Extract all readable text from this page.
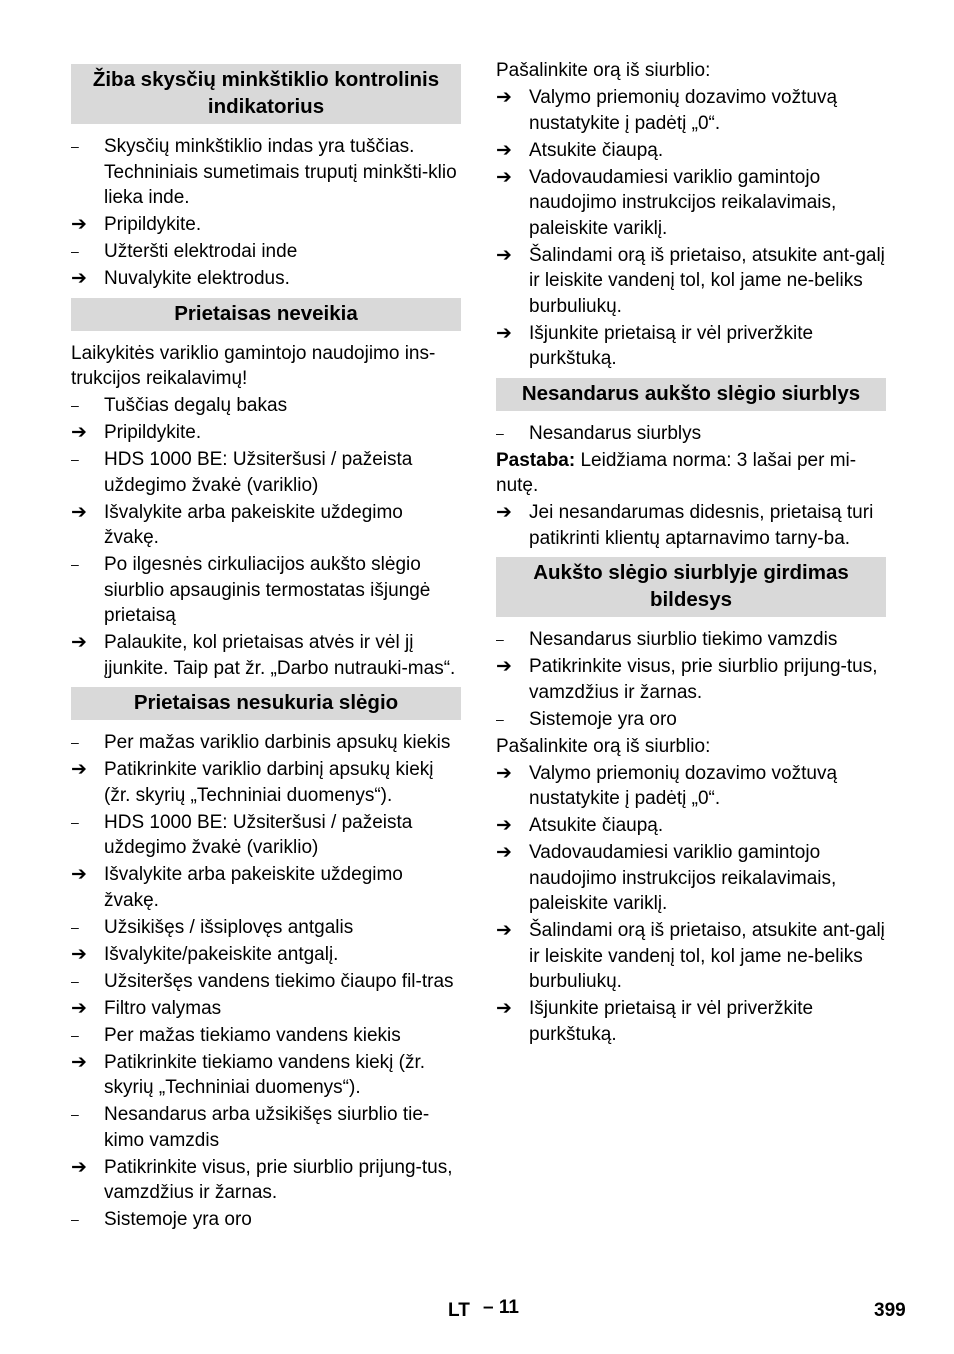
Žiba skysčių minkštiklio kontrolinis indikatorius
– Skysčių minkštiklio indas yra tuščias. Techniniais sumetimais truputį minkšti-klio lieka inde.
➔ Pripildykite.
– Užteršti elektrodai inde
➔ Nuvalykite elektrodus.
Prietaisas neveikia
Laikykitės variklio gamintojo naudojimo ins-trukcijos reikalavimų!
– Tuščias degalų bakas
➔ Pripildykite.
– HDS 1000 BE: Užsiteršusi / pažeista uždegimo žvakė (variklio)
➔ Išvalykite arba pakeiskite uždegimo žvakę.
– Po ilgesnės cirkuliacijos aukšto slėgio siurblio apsauginis termostatas išjungė prietaisą
➔ Palaukite, kol prietaisas atvės ir vėl jį įjunkite. Taip pat žr. „Darbo nutrauki-mas“.
Prietaisas nesukuria slėgio
– Per mažas variklio darbinis apsukų kiekis
➔ Patikrinkite variklio darbinį apsukų kiekį (žr. skyrių „Techniniai duomenys“).
– HDS 1000 BE: Užsiteršusi / pažeista uždegimo žvakė (variklio)
➔ Išvalykite arba pakeiskite uždegimo žvakę.
– Užsikišęs / išsiplovęs antgalis
➔ Išvalykite/pakeiskite antgalį.
– Užsiteršęs vandens tiekimo čiaupo fil-tras
➔ Filtro valymas
– Per mažas tiekiamo vandens kiekis
➔ Patikrinkite tiekiamo vandens kiekį (žr. skyrių „Techniniai duomenys“).
– Nesandarus arba užsikišęs siurblio tie-kimo vamzdis
➔ Patikrinkite visus, prie siurblio prijung-tus, vamzdžius ir žarnas.
– Sistemoje yra oro
Pašalinkite orą iš siurblio:
➔ Valymo priemonių dozavimo vožtuvą nustatykite į padėtį „0“.
➔ Atsukite čiaupą.
➔ Vadovaudamiesi variklio gamintojo naudojimo instrukcijos reikalavimais, paleiskite variklį.
➔ Šalindami orą iš prietaiso, atsukite ant-galį ir leiskite vandenį tol, kol jame ne-beliks burbuliukų.
➔ Išjunkite prietaisą ir vėl priveržkite purkštuką.
Nesandarus aukšto slėgio siurblys
– Nesandarus siurblys
Pastaba: Leidžiama norma: 3 lašai per mi-nutę.
➔ Jei nesandarumas didesnis, prietaisą turi patikrinti klientų aptarnavimo tarny-ba.
Aukšto slėgio siurblyje girdimas bildesys
– Nesandarus siurblio tiekimo vamzdis
➔ Patikrinkite visus, prie siurblio prijung-tus, vamzdžius ir žarnas.
– Sistemoje yra oro
Pašalinkite orą iš siurblio:
➔ Valymo priemonių dozavimo vožtuvą nustatykite į padėtį „0“.
➔ Atsukite čiaupą.
➔ Vadovaudamiesi variklio gamintojo naudojimo instrukcijos reikalavimais, paleiskite variklį.
➔ Šalindami orą iš prietaiso, atsukite ant-galį ir leiskite vandenį tol, kol jame ne-beliks burbuliukų.
➔ Išjunkite prietaisą ir vėl priveržkite purkštuką.
LT – 11	399
